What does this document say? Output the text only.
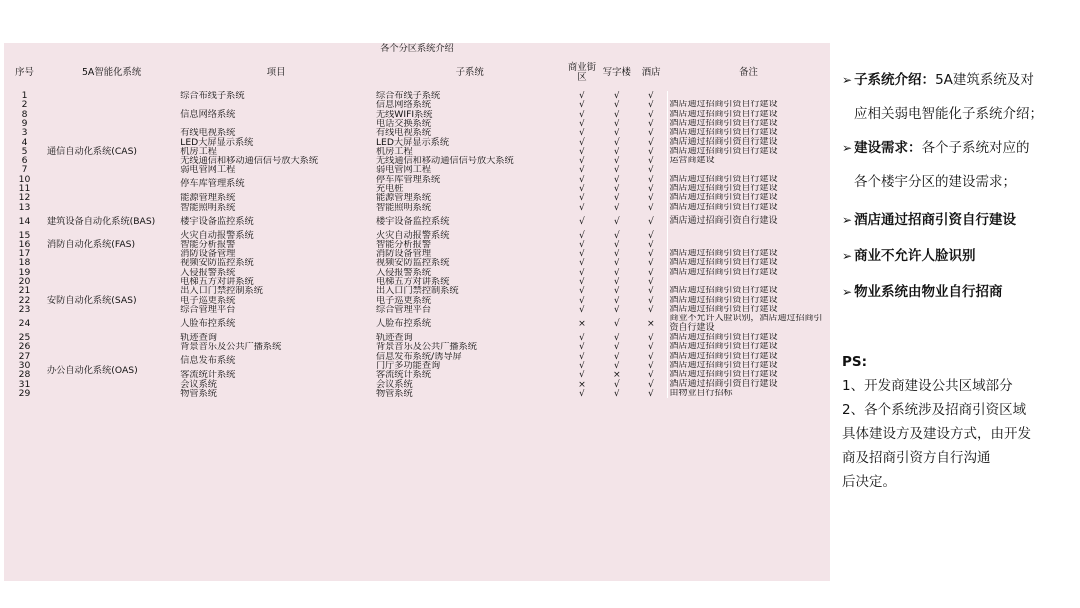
各个分区系统介绍							
序号	5A智能化系统	项目	子系统	商业街区	写字楼	酒店	备注
1	通信自动化系统(CAS)	综合布线子系统	综合布线子系统	√	√	√	
2		信息网络系统	信息网络系统	√	√	√	酒店通过招商引资自行建设
8			无线WIFI系统	√	√	√	酒店通过招商引资自行建设
9			电话交换系统	√	√	√	酒店通过招商引资自行建设
3		有线电视系统	有线电视系统	√	√	√	酒店通过招商引资自行建设
4		LED大屏显示系统	LED大屏显示系统	√	√	√	酒店通过招商引资自行建设
5		机房工程	机房工程	√	√	√	酒店通过招商引资自行建设
6		无线通信和移动通信信号放大系统	无线通信和移动通信信号放大系统	√	√	√	运营商建设
7		弱电管网工程	弱电管网工程	√	√	√	
10		停车库管理系统	停车库管理系统	√	√	√	酒店通过招商引资自行建设
11			充电桩	√	√	√	酒店通过招商引资自行建设
12		能源管理系统	能源管理系统	√	√	√	酒店通过招商引资自行建设
13		智能照明系统	智能照明系统	√	√	√	酒店通过招商引资自行建设
14	建筑设备自动化系统(BAS)	楼宇设备监控系统	楼宇设备监控系统	√	√	√	酒店通过招商引资自行建设
15	消防自动化系统(FAS)	火灾自动报警系统	火灾自动报警系统	√	√	√	
16		智能分析报警	智能分析报警	√	√	√	
17		消防设备管理	消防设备管理	√	√	√	酒店通过招商引资自行建设
18	安防自动化系统(SAS)	视频安防监控系统	视频安防监控系统	√	√	√	酒店通过招商引资自行建设
19		入侵报警系统	入侵报警系统	√	√	√	酒店通过招商引资自行建设
20		电梯五方对讲系统	电梯五方对讲系统	√	√	√	
21		出入口门禁控制系统	出入口门禁控制系统	√	√	√	酒店通过招商引资自行建设
22		电子巡更系统	电子巡更系统	√	√	√	酒店通过招商引资自行建设
23		综合管理平台	综合管理平台	√	√	√	酒店通过招商引资自行建设
24		人脸布控系统	人脸布控系统	×	√	×	商业不允许人脸识别，酒店通过招商引资自行建设
25		轨迹查询	轨迹查询	√	√	√	酒店通过招商引资自行建设
26	办公自动化系统(OAS)	背景音乐及公共广播系统	背景音乐及公共广播系统	√	√	√	酒店通过招商引资自行建设
27		信息发布系统	信息发布系统/诱导屏	√	√	√	酒店通过招商引资自行建设
30			门厅多功能查询	√	√	√	酒店通过招商引资自行建设
28		客流统计系统	客流统计系统	√	×	√	酒店通过招商引资自行建设
31		会议系统	会议系统	×	√	√	酒店通过招商引资自行建设
29		物管系统	物管系统	√	√	√	由物业自行招标

➢ 子系统介绍：5A建筑系统及对

应相关弱电智能化子系统介绍；

➢ 建设需求：各个子系统对应的

各个楼宇分区的建设需求；

➢ 酒店通过招商引资自行建设

➢ 商业不允许人脸识别

➢ 物业系统由物业自行招商

PS:

1、开发商建设公共区域部分

2、各个系统涉及招商引资区域

具体建设方及建设方式，由开发

商及招商引资方自行沟通

后决定。
